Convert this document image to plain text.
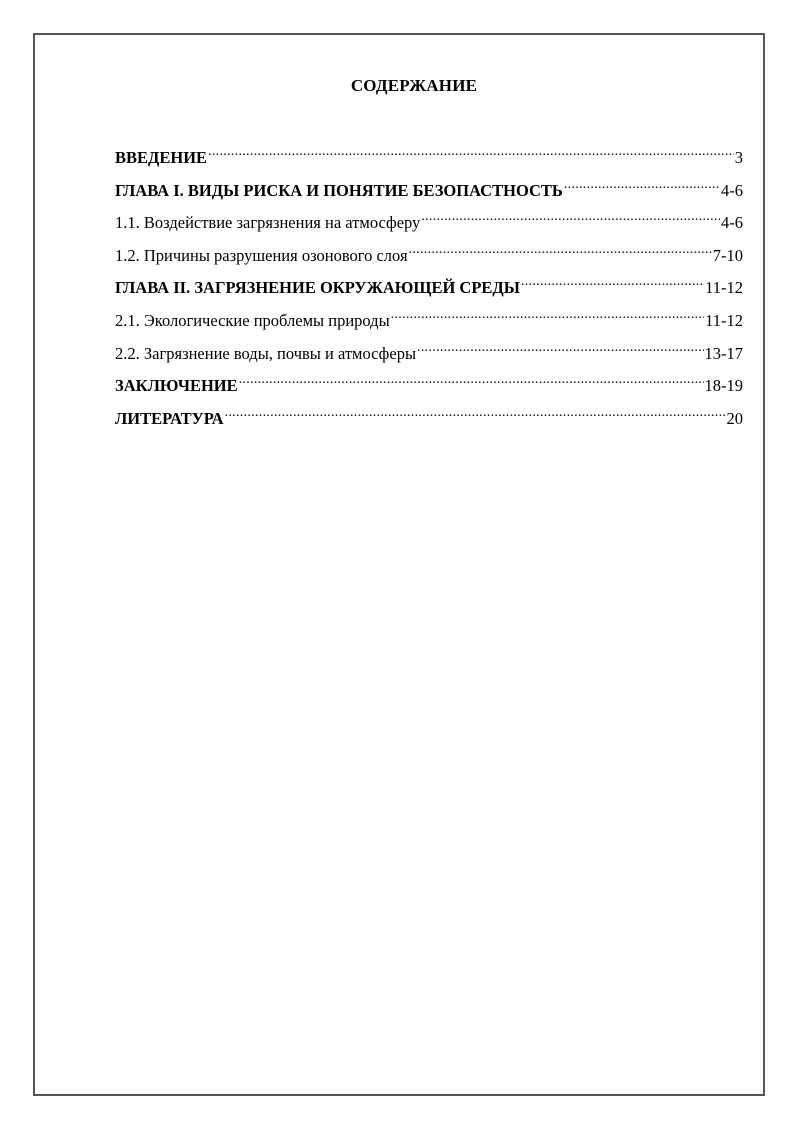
СОДЕРЖАНИЕ
ВВЕДЕНИЕ .....	3
ГЛАВА I. ВИДЫ РИСКА И ПОНЯТИЕ БЕЗОПАСТНОСТЬ .....	4-6
1.1. Воздействие загрязнения на атмосферу .....	4-6
1.2. Причины разрушения озонового слоя .....	7-10
ГЛАВА II. ЗАГРЯЗНЕНИЕ ОКРУЖАЮЩЕЙ СРЕДЫ .....	11-12
2.1. Экологические проблемы природы .....	11-12
2.2. Загрязнение воды, почвы и атмосферы .....	13-17
ЗАКЛЮЧЕНИЕ .....	18-19
ЛИТЕРАТУРА .....	20
